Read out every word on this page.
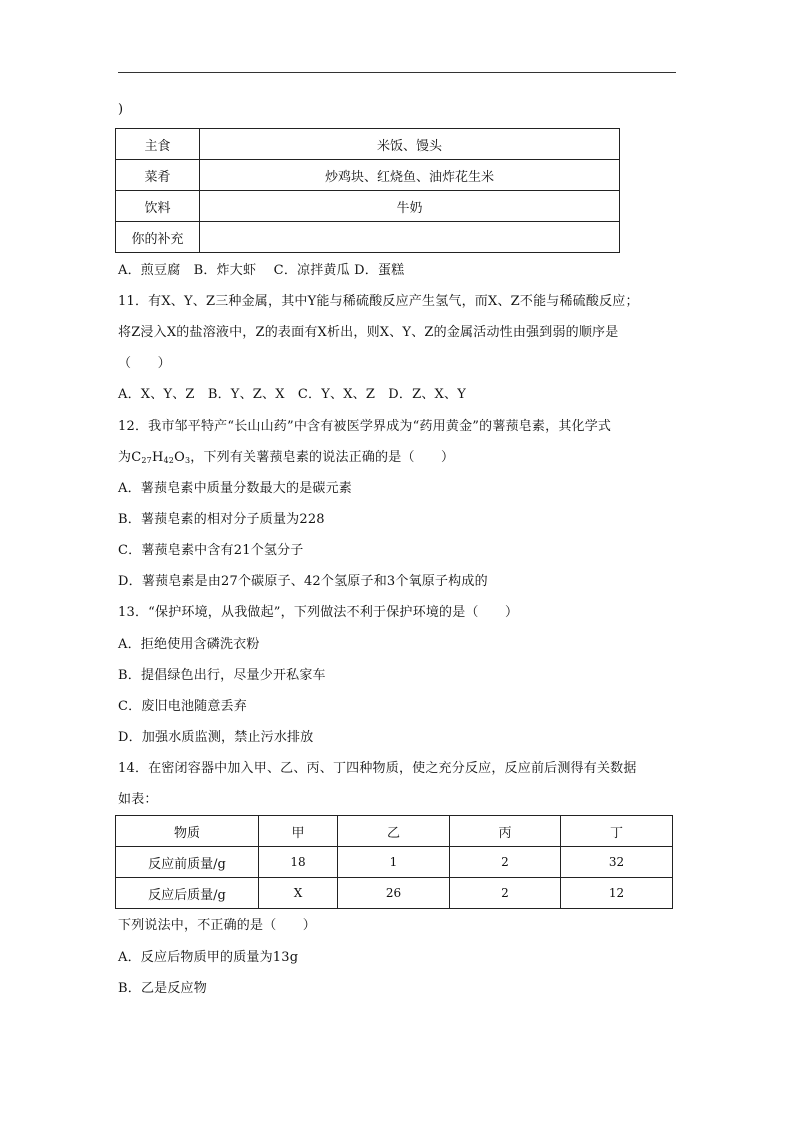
)
主食	米饭、馒头
菜肴	炒鸡块、红烧鱼、油炸花生米
饮料	牛奶
你的补充	
A．煎豆腐　B．炸大虾　 C．凉拌黄瓜 D．蛋糕
11．有X、Y、Z三种金属，其中Y能与稀硫酸反应产生氢气，而X、Z不能与稀硫酸反应；
将Z浸入X的盐溶液中，Z的表面有X析出，则X、Y、Z的金属活动性由强到弱的顺序是
（　　）
A．X、Y、Z　B．Y、Z、X　C．Y、X、Z　D．Z、X、Y
12．我市邹平特产“长山山药”中含有被医学界成为“药用黄金”的薯蓣皂素，其化学式
为$C_{27}H_{42}O_3$，下列有关薯蓣皂素的说法正确的是（　　）
A．薯蓣皂素中质量分数最大的是碳元素
B．薯蓣皂素的相对分子质量为228
C．薯蓣皂素中含有21个氢分子
D．薯蓣皂素是由27个碳原子、42个氢原子和3个氧原子构成的
13．“保护环境，从我做起”，下列做法不利于保护环境的是（　　）
A．拒绝使用含磷洗衣粉
B．提倡绿色出行，尽量少开私家车
C．废旧电池随意丢弃
D．加强水质监测，禁止污水排放
14．在密闭容器中加入甲、乙、丙、丁四种物质，使之充分反应，反应前后测得有关数据
如表：
物质	甲	乙	丙	丁
反应前质量/g	18	1	2	32
反应后质量/g	X	26	2	12
下列说法中，不正确的是（　　）
A．反应后物质甲的质量为13g
B．乙是反应物
